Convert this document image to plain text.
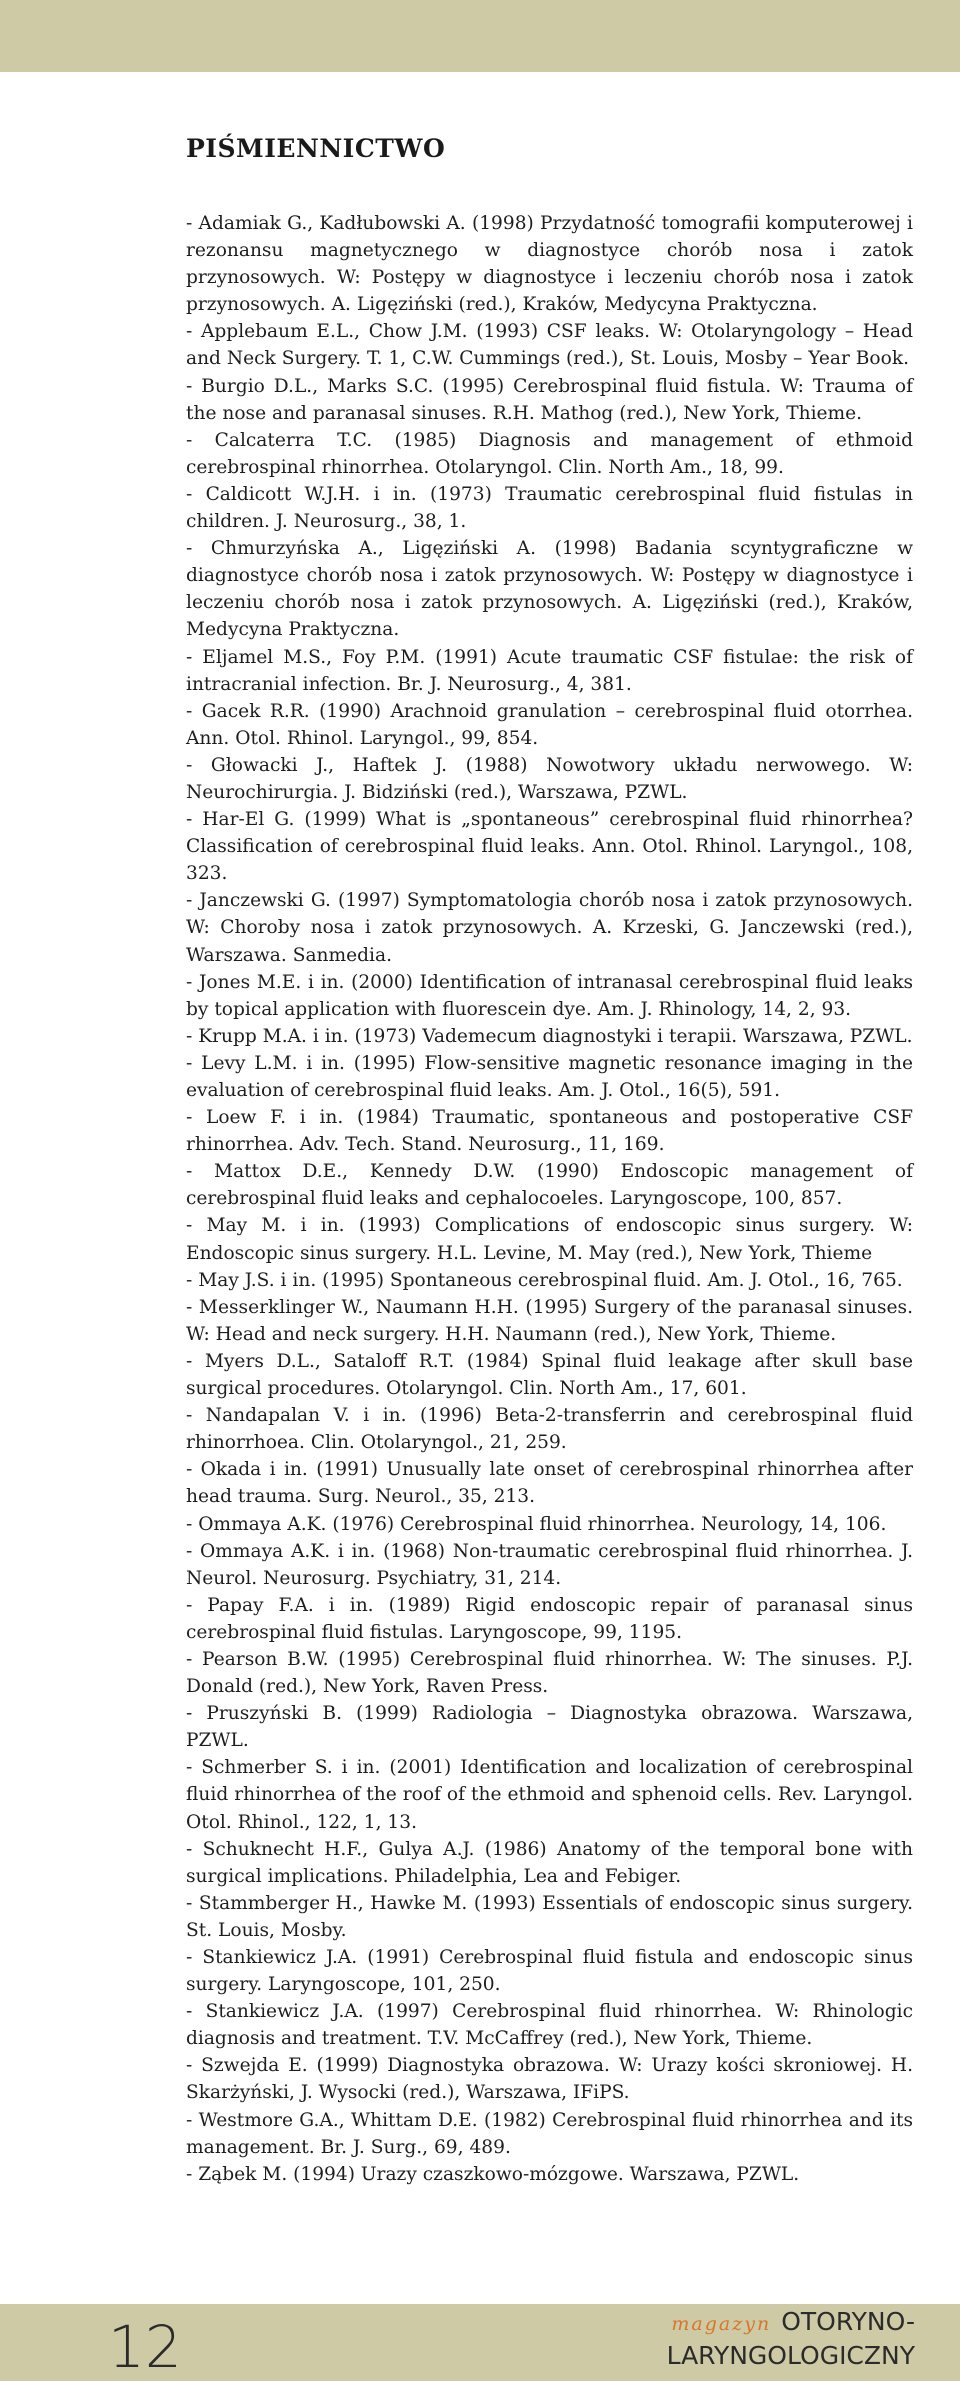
PIŚMIENNICTWO
- Adamiak G., Kadłubowski A. (1998) Przydatność tomografii komputerowej i rezonansu magnetycznego w diagnostyce chorób nosa i zatok przynosowych. W: Postępy w diagnostyce i leczeniu chorób nosa i zatok przynosowych. A. Ligęziński (red.), Kraków, Medycyna Praktyczna.
- Applebaum E.L., Chow J.M. (1993) CSF leaks. W: Otolaryngology – Head and Neck Surgery. T. 1, C.W. Cummings (red.), St. Louis, Mosby – Year Book.
- Burgio D.L., Marks S.C. (1995) Cerebrospinal fluid fistula. W: Trauma of the nose and paranasal sinuses. R.H. Mathog (red.), New York, Thieme.
- Calcaterra T.C. (1985) Diagnosis and management of ethmoid cerebrospinal rhinorrhea. Otolaryngol. Clin. North Am., 18, 99.
- Caldicott W.J.H. i in. (1973) Traumatic cerebrospinal fluid fistulas in children. J. Neurosurg., 38, 1.
- Chmurzyńska A., Ligęziński A. (1998) Badania scyntygraficzne w diagnostyce chorób nosa i zatok przynosowych. W: Postępy w diagnostyce i leczeniu chorób nosa i zatok przynosowych. A. Ligęziński (red.), Kraków, Medycyna Praktyczna.
- Eljamel M.S., Foy P.M. (1991) Acute traumatic CSF fistulae: the risk of intracranial infection. Br. J. Neurosurg., 4, 381.
- Gacek R.R. (1990) Arachnoid granulation – cerebrospinal fluid otorrhea. Ann. Otol. Rhinol. Laryngol., 99, 854.
- Głowacki J., Haftek J. (1988) Nowotwory układu nerwowego. W: Neurochirurgia. J. Bidziński (red.), Warszawa, PZWL.
- Har-El G. (1999) What is „spontaneous” cerebrospinal fluid rhinorrhea? Classification of cerebrospinal fluid leaks. Ann. Otol. Rhinol. Laryngol., 108, 323.
- Janczewski G. (1997) Symptomatologia chorób nosa i zatok przynosowych. W: Choroby nosa i zatok przynosowych. A. Krzeski, G. Janczewski (red.), Warszawa. Sanmedia.
- Jones M.E. i in. (2000) Identification of intranasal cerebrospinal fluid leaks by topical application with fluorescein dye. Am. J. Rhinology, 14, 2, 93.
- Krupp M.A. i in. (1973) Vademecum diagnostyki i terapii. Warszawa, PZWL.
- Levy L.M. i in. (1995) Flow-sensitive magnetic resonance imaging in the evaluation of cerebrospinal fluid leaks. Am. J. Otol., 16(5), 591.
- Loew F. i in. (1984) Traumatic, spontaneous and postoperative CSF rhinorrhea. Adv. Tech. Stand. Neurosurg., 11, 169.
- Mattox D.E., Kennedy D.W. (1990) Endoscopic management of cerebrospinal fluid leaks and cephalocoeles. Laryngoscope, 100, 857.
- May M. i in. (1993) Complications of endoscopic sinus surgery. W: Endoscopic sinus surgery. H.L. Levine, M. May (red.), New York, Thieme
- May J.S. i in. (1995) Spontaneous cerebrospinal fluid. Am. J. Otol., 16, 765.
- Messerklinger W., Naumann H.H. (1995) Surgery of the paranasal sinuses. W: Head and neck surgery. H.H. Naumann (red.), New York, Thieme.
- Myers D.L., Sataloff R.T. (1984) Spinal fluid leakage after skull base surgical procedures. Otolaryngol. Clin. North Am., 17, 601.
- Nandapalan V. i in. (1996) Beta-2-transferrin and cerebrospinal fluid rhinorrhoea. Clin. Otolaryngol., 21, 259.
- Okada i in. (1991) Unusually late onset of cerebrospinal rhinorrhea after head trauma. Surg. Neurol., 35, 213.
- Ommaya A.K. (1976) Cerebrospinal fluid rhinorrhea. Neurology, 14, 106.
- Ommaya A.K. i in. (1968) Non-traumatic cerebrospinal fluid rhinorrhea. J. Neurol. Neurosurg. Psychiatry, 31, 214.
- Papay F.A. i in. (1989) Rigid endoscopic repair of paranasal sinus cerebrospinal fluid fistulas. Laryngoscope, 99, 1195.
- Pearson B.W. (1995) Cerebrospinal fluid rhinorrhea. W: The sinuses. P.J. Donald (red.), New York, Raven Press.
- Pruszyński B. (1999) Radiologia – Diagnostyka obrazowa. Warszawa, PZWL.
- Schmerber S. i in. (2001) Identification and localization of cerebrospinal fluid rhinorrhea of the roof of the ethmoid and sphenoid cells. Rev. Laryngol. Otol. Rhinol., 122, 1, 13.
- Schuknecht H.F., Gulya A.J. (1986) Anatomy of the temporal bone with surgical implications. Philadelphia, Lea and Febiger.
- Stammberger H., Hawke M. (1993) Essentials of endoscopic sinus surgery. St. Louis, Mosby.
- Stankiewicz J.A. (1991) Cerebrospinal fluid fistula and endoscopic sinus surgery. Laryngoscope, 101, 250.
- Stankiewicz J.A. (1997) Cerebrospinal fluid rhinorrhea. W: Rhinologic diagnosis and treatment. T.V. McCaffrey (red.), New York, Thieme.
- Szwejda E. (1999) Diagnostyka obrazowa. W: Urazy kości skroniowej. H. Skarżyński, J. Wysocki (red.), Warszawa, IFiPS.
- Westmore G.A., Whittam D.E. (1982) Cerebrospinal fluid rhinorrhea and its management. Br. J. Surg., 69, 489.
- Ząbek M. (1994) Urazy czaszkowo-mózgowe. Warszawa, PZWL.
12	magazyn OTORYNO-
LARYNGOLOGICZNY
